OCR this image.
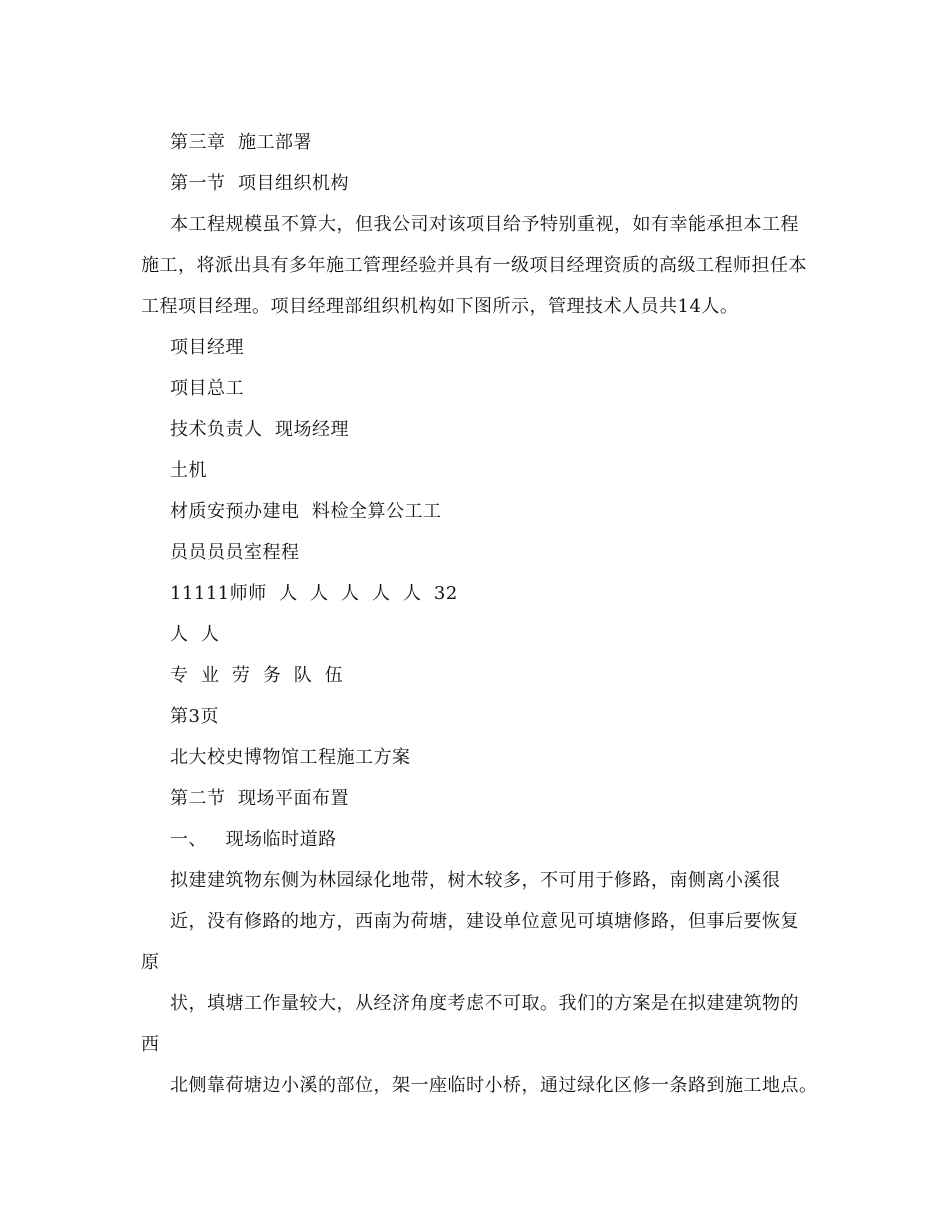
第三章  施工部署
第一节  项目组织机构
本工程规模虽不算大，但我公司对该项目给予特别重视，如有幸能承担本工程
施工，将派出具有多年施工管理经验并具有一级项目经理资质的高级工程师担任本
工程项目经理。项目经理部组织机构如下图所示，管理技术人员共14人。
项目经理
项目总工
技术负责人  现场经理
土机
材质安预办建电  料检全算公工工
员员员员室程程
11111师师  人  人  人  人  人  32
人  人
专  业  劳  务  队  伍
第3页
北大校史博物馆工程施工方案
第二节  现场平面布置
一、   现场临时道路
拟建建筑物东侧为林园绿化地带，树木较多，不可用于修路，南侧离小溪很
近，没有修路的地方，西南为荷塘，建设单位意见可填塘修路，但事后要恢复
原
状，填塘工作量较大，从经济角度考虑不可取。我们的方案是在拟建建筑物的
西
北侧靠荷塘边小溪的部位，架一座临时小桥，通过绿化区修一条路到施工地点。
